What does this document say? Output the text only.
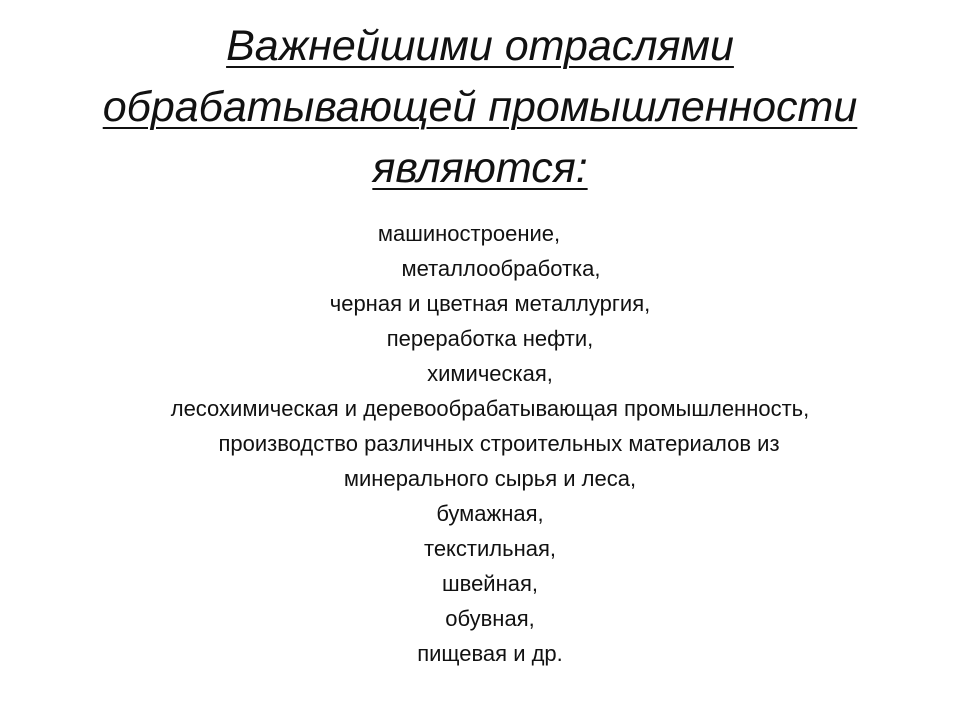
Важнейшими отраслями
обрабатывающей промышленности
являются:
машиностроение,
металлообработка,
черная и цветная металлургия,
переработка нефти,
химическая,
лесохимическая и деревообрабатывающая промышленность,
производство различных строительных материалов из
минерального сырья и леса,
бумажная,
текстильная,
швейная,
обувная,
пищевая и др.
